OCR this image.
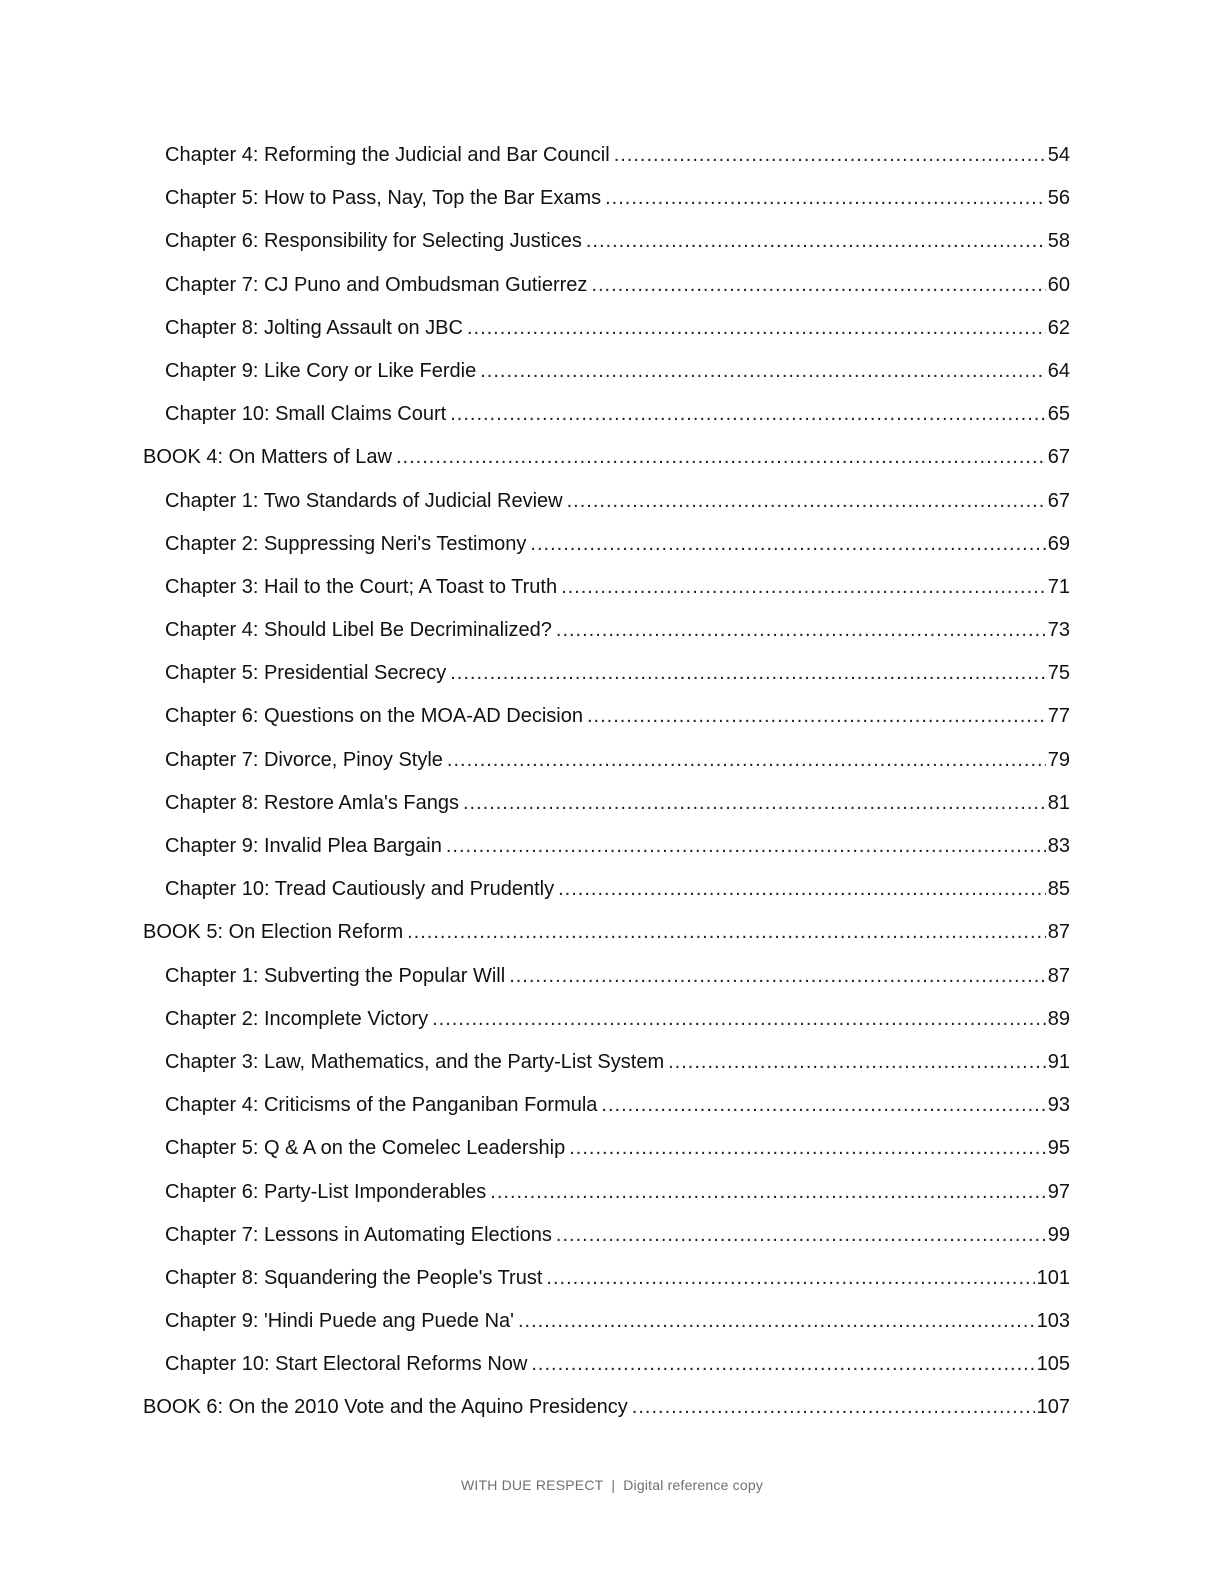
Chapter 4: Reforming the Judicial and Bar Council .....	54
Chapter 5: How to Pass, Nay, Top the Bar Exams .....	56
Chapter 6: Responsibility for Selecting Justices .....	58
Chapter 7: CJ Puno and Ombudsman Gutierrez .....	60
Chapter 8: Jolting Assault on JBC .....	62
Chapter 9: Like Cory or Like Ferdie .....	64
Chapter 10: Small Claims Court .....	65
BOOK 4: On Matters of Law .....	67
Chapter 1: Two Standards of Judicial Review .....	67
Chapter 2: Suppressing Neri's Testimony .....	69
Chapter 3: Hail to the Court; A Toast to Truth .....	71
Chapter 4: Should Libel Be Decriminalized? .....	73
Chapter 5: Presidential Secrecy .....	75
Chapter 6: Questions on the MOA-AD Decision .....	77
Chapter 7: Divorce, Pinoy Style .....	79
Chapter 8: Restore Amla's Fangs .....	81
Chapter 9: Invalid Plea Bargain .....	83
Chapter 10: Tread Cautiously and Prudently .....	85
BOOK 5: On Election Reform .....	87
Chapter 1: Subverting the Popular Will .....	87
Chapter 2: Incomplete Victory .....	89
Chapter 3: Law, Mathematics, and the Party-List System .....	91
Chapter 4: Criticisms of the Panganiban Formula .....	93
Chapter 5: Q & A on the Comelec Leadership .....	95
Chapter 6: Party-List Imponderables .....	97
Chapter 7: Lessons in Automating Elections .....	99
Chapter 8: Squandering the People's Trust .....	101
Chapter 9: 'Hindi Puede ang Puede Na' .....	103
Chapter 10: Start Electoral Reforms Now .....	105
BOOK 6: On the 2010 Vote and the Aquino Presidency .....	107
WITH DUE RESPECT | Digital reference copy
